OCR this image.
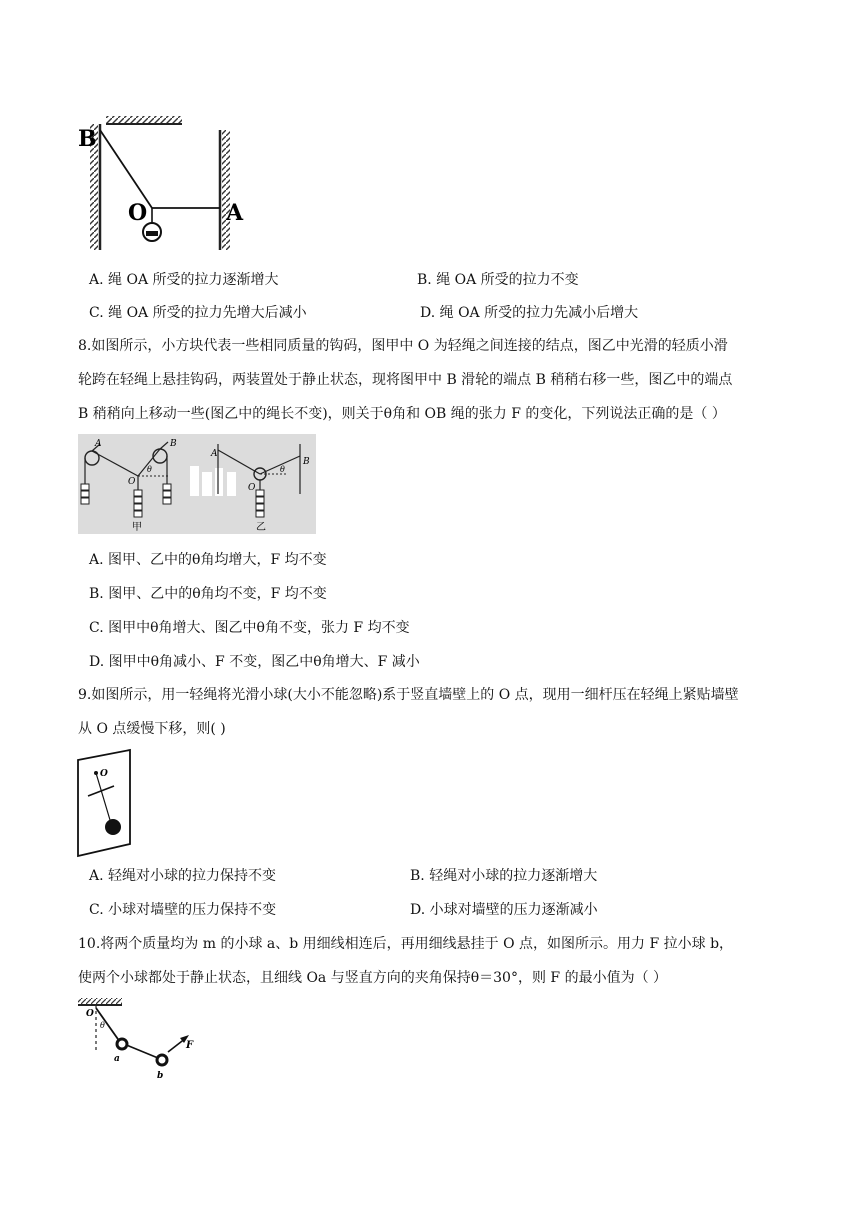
B
O	A
A. 绳 OA 所受的拉力逐渐增大	B. 绳 OA 所受的拉力不变
C. 绳 OA 所受的拉力先增大后减小	D. 绳 OA 所受的拉力先减小后增大
8.如图所示，小方块代表一些相同质量的钩码，图甲中 O 为轻绳之间连接的结点，图乙中光滑的轻质小滑
轮跨在轻绳上悬挂钩码，两装置处于静止状态，现将图甲中 B 滑轮的端点 B 稍稍右移一些，图乙中的端点
B 稍稍向上移动一些(图乙中的绳长不变)，则关于θ角和 OB 绳的张力 F 的变化，下列说法正确的是（ ）
A	B
O
θ
甲
A
B
O
θ
乙
A. 图甲、乙中的θ角均增大，F 均不变
B. 图甲、乙中的θ角均不变，F 均不变
C. 图甲中θ角增大、图乙中θ角不变，张力 F 均不变
D. 图甲中θ角减小、F 不变，图乙中θ角增大、F 减小
9.如图所示，用一轻绳将光滑小球(大小不能忽略)系于竖直墙壁上的 O 点，现用一细杆压在轻绳上紧贴墙壁
从 O 点缓慢下移，则( )
O
A. 轻绳对小球的拉力保持不变	B. 轻绳对小球的拉力逐渐增大
C. 小球对墙壁的压力保持不变	D. 小球对墙壁的压力逐渐减小
10.将两个质量均为 m 的小球 a、b 用细线相连后，再用细线悬挂于 O 点，如图所示。用力 F 拉小球 b，
使两个小球都处于静止状态，且细线 Oa 与竖直方向的夹角保持θ＝30°，则 F 的最小值为（ ）
O
θ
a
b
F
